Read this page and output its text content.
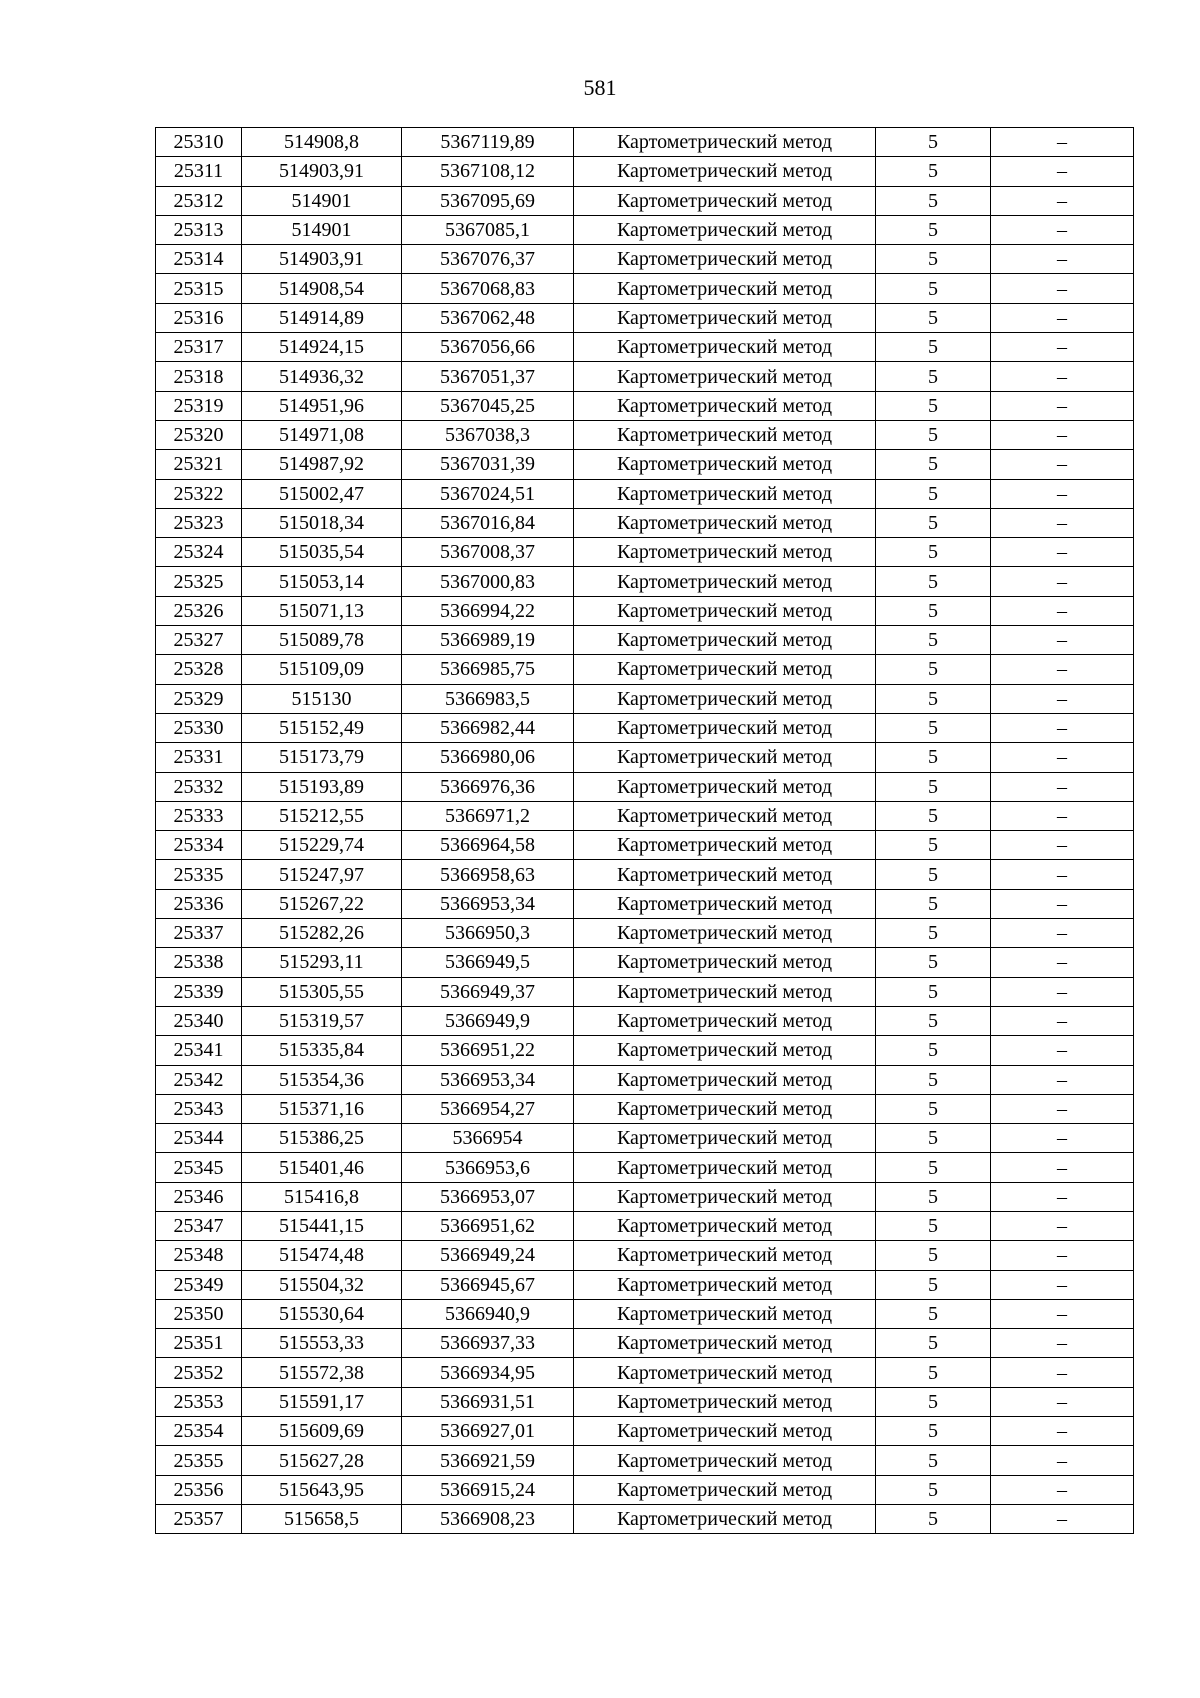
581
25310	514908,8	5367119,89	Картометрический метод	5	–
25311	514903,91	5367108,12	Картометрический метод	5	–
25312	514901	5367095,69	Картометрический метод	5	–
25313	514901	5367085,1	Картометрический метод	5	–
25314	514903,91	5367076,37	Картометрический метод	5	–
25315	514908,54	5367068,83	Картометрический метод	5	–
25316	514914,89	5367062,48	Картометрический метод	5	–
25317	514924,15	5367056,66	Картометрический метод	5	–
25318	514936,32	5367051,37	Картометрический метод	5	–
25319	514951,96	5367045,25	Картометрический метод	5	–
25320	514971,08	5367038,3	Картометрический метод	5	–
25321	514987,92	5367031,39	Картометрический метод	5	–
25322	515002,47	5367024,51	Картометрический метод	5	–
25323	515018,34	5367016,84	Картометрический метод	5	–
25324	515035,54	5367008,37	Картометрический метод	5	–
25325	515053,14	5367000,83	Картометрический метод	5	–
25326	515071,13	5366994,22	Картометрический метод	5	–
25327	515089,78	5366989,19	Картометрический метод	5	–
25328	515109,09	5366985,75	Картометрический метод	5	–
25329	515130	5366983,5	Картометрический метод	5	–
25330	515152,49	5366982,44	Картометрический метод	5	–
25331	515173,79	5366980,06	Картометрический метод	5	–
25332	515193,89	5366976,36	Картометрический метод	5	–
25333	515212,55	5366971,2	Картометрический метод	5	–
25334	515229,74	5366964,58	Картометрический метод	5	–
25335	515247,97	5366958,63	Картометрический метод	5	–
25336	515267,22	5366953,34	Картометрический метод	5	–
25337	515282,26	5366950,3	Картометрический метод	5	–
25338	515293,11	5366949,5	Картометрический метод	5	–
25339	515305,55	5366949,37	Картометрический метод	5	–
25340	515319,57	5366949,9	Картометрический метод	5	–
25341	515335,84	5366951,22	Картометрический метод	5	–
25342	515354,36	5366953,34	Картометрический метод	5	–
25343	515371,16	5366954,27	Картометрический метод	5	–
25344	515386,25	5366954	Картометрический метод	5	–
25345	515401,46	5366953,6	Картометрический метод	5	–
25346	515416,8	5366953,07	Картометрический метод	5	–
25347	515441,15	5366951,62	Картометрический метод	5	–
25348	515474,48	5366949,24	Картометрический метод	5	–
25349	515504,32	5366945,67	Картометрический метод	5	–
25350	515530,64	5366940,9	Картометрический метод	5	–
25351	515553,33	5366937,33	Картометрический метод	5	–
25352	515572,38	5366934,95	Картометрический метод	5	–
25353	515591,17	5366931,51	Картометрический метод	5	–
25354	515609,69	5366927,01	Картометрический метод	5	–
25355	515627,28	5366921,59	Картометрический метод	5	–
25356	515643,95	5366915,24	Картометрический метод	5	–
25357	515658,5	5366908,23	Картометрический метод	5	–
